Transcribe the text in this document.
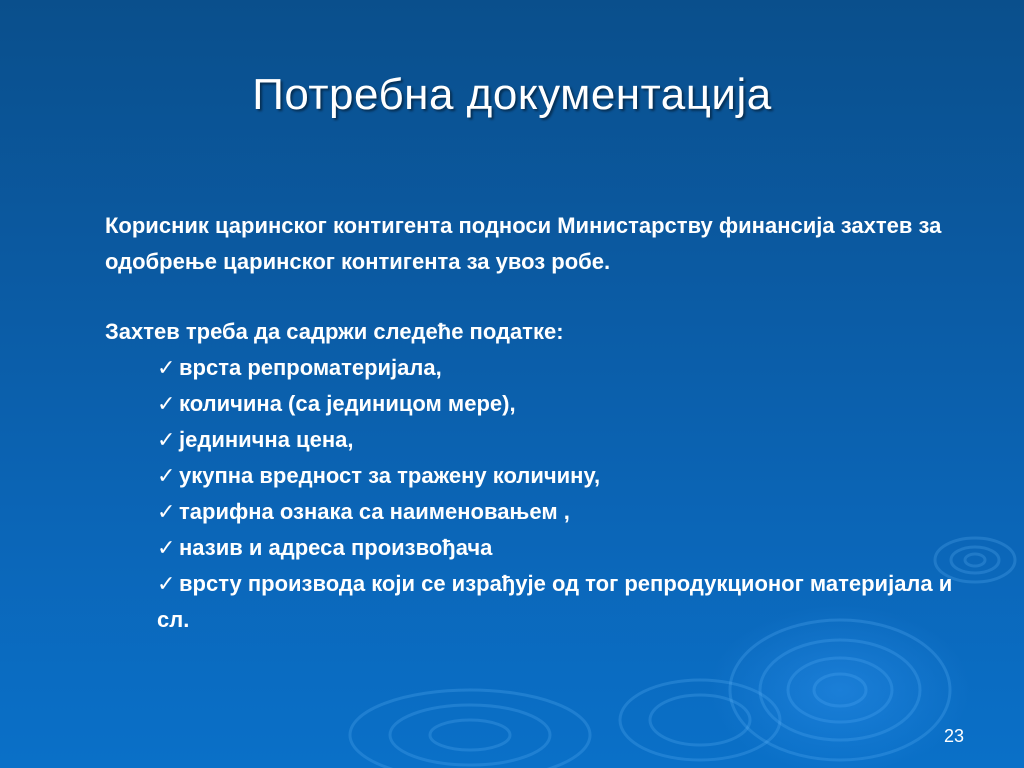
Потребна документација

Корисник царинског контигента подноси Министарству финансија захтев за одобрење царинског контигента за увоз робе.

Захтев треба да садржи следеће податке:

✓ врста репроматеријала,
✓ количина (са јединицом мере),
✓ јединична цена,
✓ укупна вредност за тражену количину,
✓ тарифна ознака са наименовањем ,
✓ назив и адреса произвођача
✓ врсту производа који се израђује од тог репродукционог материјала и сл.
23
